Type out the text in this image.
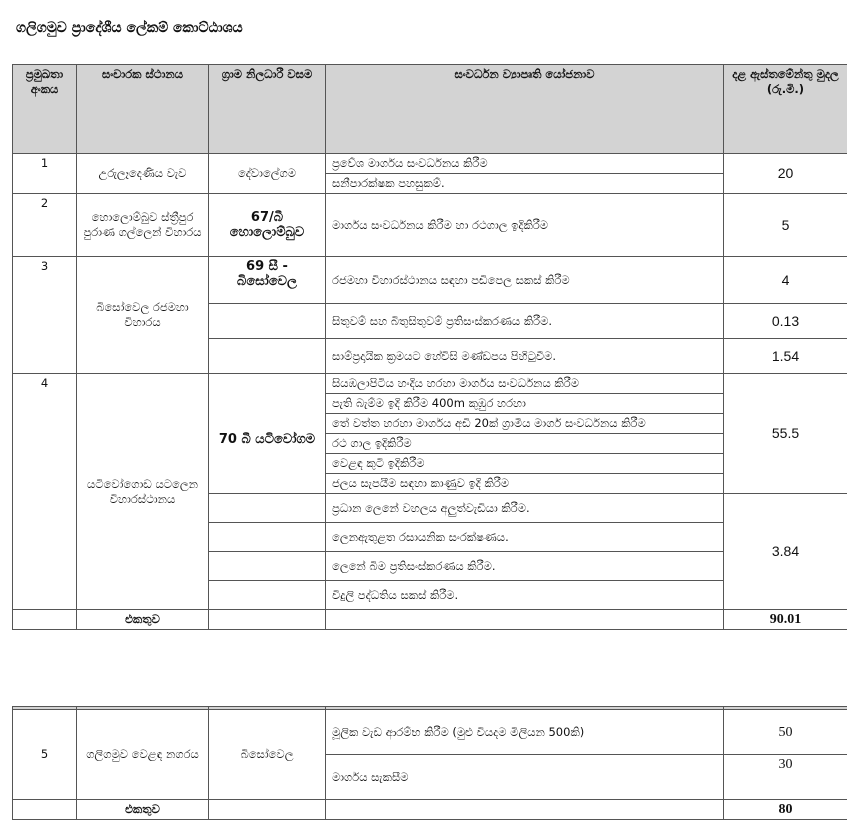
ගලිගමුව ප්‍රාදේශීය ලේකම් කොට්ඨාශය
ප්‍රමුඛතා අංකය	සංචාරක ස්ථානය	ග්‍රාම නිලධාරී වසම	සංවර්ධන ව්‍යාපෘති යෝජනාව	දළ ඇස්තමේන්තු මුදල (රු.මි.)
1	උරුලෑදෙණිය වැව	දේවාලේගම	ප්‍රවේශ මාර්ගය සංවර්ධනය කිරීම	20
			සනීපාරක්ෂක පහසුකම්.	
2	හොලොම්බුව ස්ත්‍රීපුර පුරාණ ගල්ලෙන් විහාරය	67/බී හොලොම්බුව	මාර්ගය සංවර්ධනය කිරීම හා රථගාල ඉදිකිරීම	5
3	බිසෝවෙල රජමහා විහාරය	69 සී - බිසෝවෙල	රජමහා විහාරස්ථානය සඳහා පඩිපෙල සකස් කිරීම	4
			සිතුවම් සහ බිතුසිතුවම් ප්‍රතිසංස්කරණය කිරීම.	0.13
			සාම්ප්‍රදායික ක්‍රමයට හේවිසි මණ්ඩපය පිහිටුවීම.	1.54
4	යටිවෝගොඩ යටලෙන විහාරස්ථානය	70 බී යටිවෝගම	සියඹලාපිටිය හංදිය හරහා මාර්ගය සංවර්ධනය කිරීම	55.5
			පැති බැම්ම ඉදි කිරීම 400m කුඹුර හරහා	
			තේ වත්ත හරහා මාර්ගය අඩි 20ක් ග්‍රාමීය මාර්ග සංවර්ධනය කිරීම	
			රථ ගාල ඉදිකිරීම	
			වෙළඳ කුටි ඉදිකිරීම	
			ජලය සැපයීම සඳහා කාණුව ඉදි කිරීම	
			ප්‍රධාන ලෙනේ වහලය අලුත්වැඩියා කිරීම.	3.84
			ලෙනඇතුළත රසායනික සංරක්ෂණය.	
			ලෙනේ බිම ප්‍රතිසංස්කරණය කිරීම.	
			විදුලි පද්ධතිය සකස් කිරීම.	
	එකතුව			90.01

5	ගලිගමුව වෙළඳ නගරය	බිසෝවෙල	මූලික වැඩ ආරම්භ කිරීම (මුළු වියදම මිලියන 500කි)	50
			මාර්ගය සැකසීම	30
	එකතුව			80
